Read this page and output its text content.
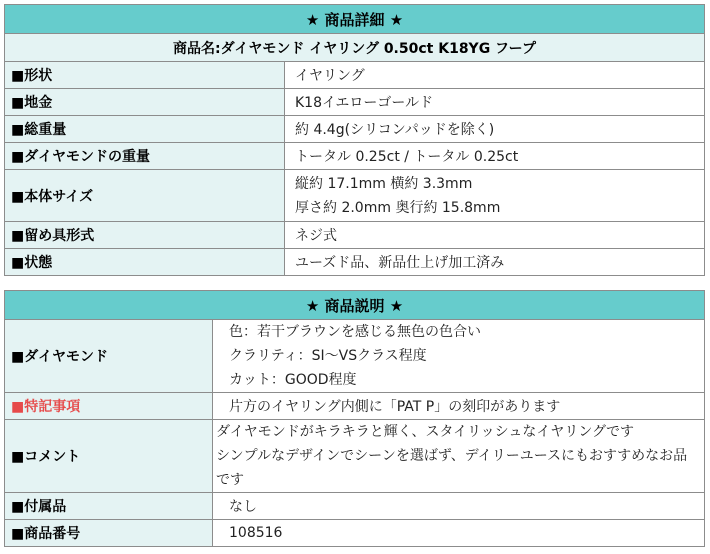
★ 商品詳細 ★	
商品名:ダイヤモンド イヤリング 0.50ct K18YG フープ	
■形状	イヤリング
■地金	K18イエローゴールド
■総重量	約 4.4g(シリコンパッドを除く)
■ダイヤモンドの重量	トータル 0.25ct / トータル 0.25ct
■本体サイズ	縦約 17.1mm 横約 3.3mm
厚さ約 2.0mm 奥行約 15.8mm

■留め具形式	ネジ式
■状態	ユーズド品、新品仕上げ加工済み
★ 商品説明 ★	
■ダイヤモンド	色：若干ブラウンを感じる無色の色合い
クラリティ：SI～VSクラス程度
カット：GOOD程度

■特記事項	片方のイヤリング内側に「PAT P」の刻印があります
■コメント	ダイヤモンドがキラキラと輝く、スタイリッシュなイヤリングです
シンプルなデザインでシーンを選ばず、デイリーユースにもおすすめなお品です

■付属品	なし
■商品番号	108516
